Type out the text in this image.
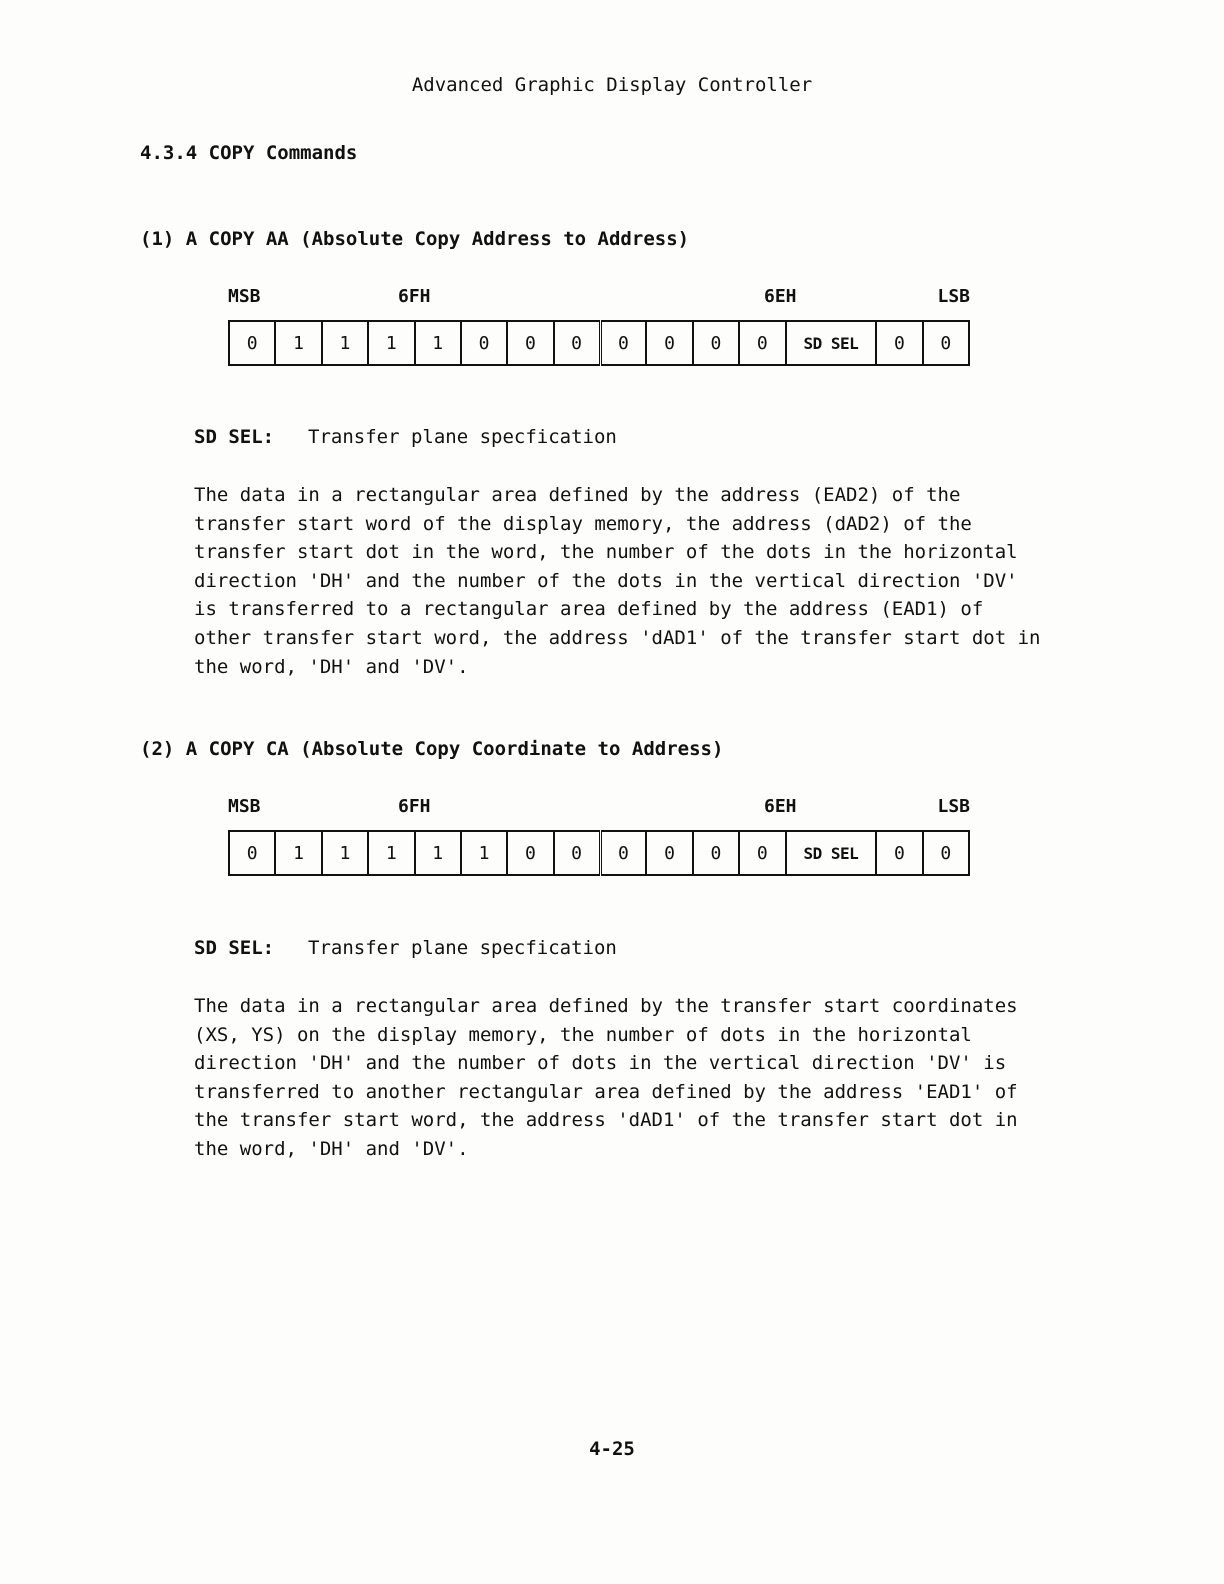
Advanced Graphic Display Controller
4.3.4 COPY Commands
(1) A COPY AA (Absolute Copy Address to Address)
MSB	6FH	6EH	LSB
0	1	1	1	1	0	0	0	0	0	0	0	SD SEL	0	0
SD SEL: Transfer plane specfication
The data in a rectangular area defined by the address (EAD2) of the
transfer start word of the display memory, the address (dAD2) of the
transfer start dot in the word, the number of the dots in the horizontal
direction 'DH' and the number of the dots in the vertical direction 'DV'
is transferred to a rectangular area defined by the address (EAD1) of
other transfer start word, the address 'dAD1' of the transfer start dot in
the word, 'DH' and 'DV'.
(2) A COPY CA (Absolute Copy Coordinate to Address)
MSB	6FH	6EH	LSB
0	1	1	1	1	1	0	0	0	0	0	0	SD SEL	0	0
SD SEL: Transfer plane specfication
The data in a rectangular area defined by the transfer start coordinates
(XS, YS) on the display memory, the number of dots in the horizontal
direction 'DH' and the number of dots in the vertical direction 'DV' is
transferred to another rectangular area defined by the address 'EAD1' of
the transfer start word, the address 'dAD1' of the transfer start dot in
the word, 'DH' and 'DV'.
4-25
